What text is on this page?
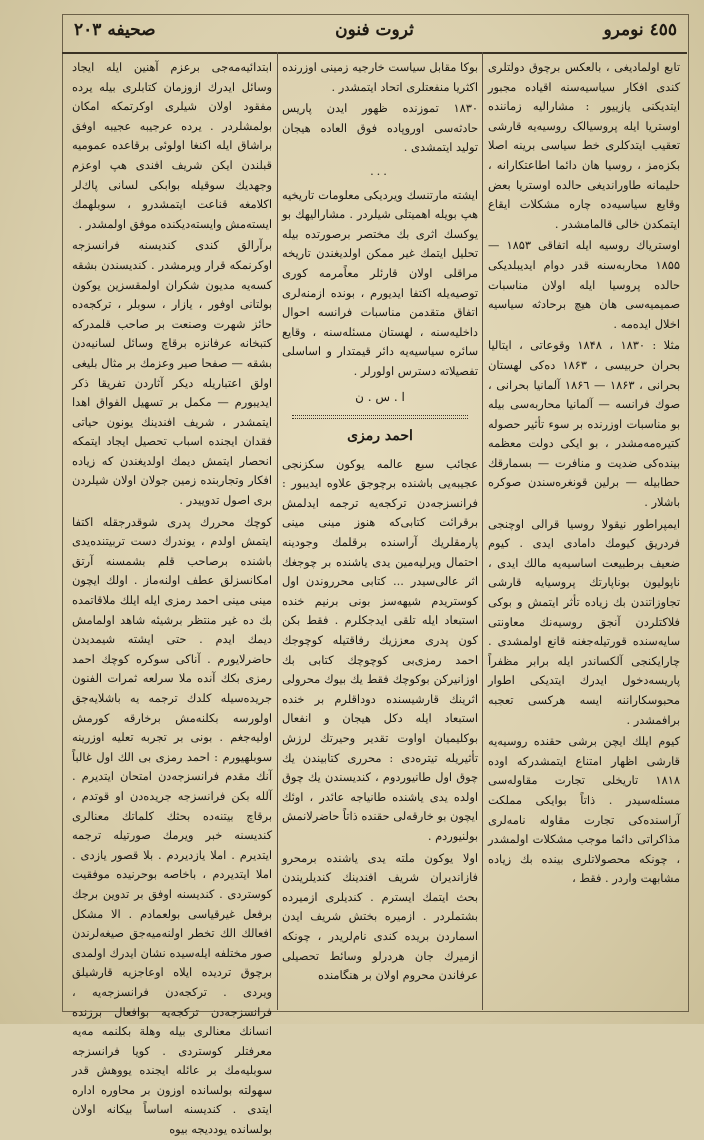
٤٥٥ نومرو
ثروت فنون
صحیفه ۲٠٣

تابع اولمادیغی ، بالعکس برچوق دولتلری کندی افکار سیاسیه‌سنه اقیاده مجبور ایتدیکنی یازییور : مشارالیه زماننده اوستریا ایله پروسیالک روسیه‌یه قارشی تعقیب ایتدکلری خط سیاسی برینه اصلا بکزه‌مز ، روسیا هان دائما اطاعتکارانه ، حلیمانه طاورانديغی حالده اوستریا بعض وقایع سیاسیه‌ده چاره مشکلات ایقاع ایتمکدن خالی قالمامشدر .

اوستریاك روسیه ایله اتفاقی ۱۸۵۳ — ۱۸۵۵ محاربه‌سنه قدر دوام ایدیبلدیکی حالده پروسیا ایله اولان مناسبات صمیمیه‌سی هان هیچ برحادثه سیاسیه اخلال ایدەمه .

مثلا : ۱۸۳۰ ، ۱۸۴۸ وقوعاتی ، ایتالیا بحران حربیسی ، ۱۸۶۳ ده‌کی لهستان بحرانی ، ۱۸۶۳ — ۱۸۶٦ آلمانیا بحرانی ، صوك فرانسه — آلمانیا محاربه‌سی بیله بو مناسبات اوزرنده بر سوء تأثیر حصوله کتیره‌مه‌مشدر ، بو ایکی دولت معظمه بینده‌کی ضدیت و منافرت — بسمارقك حطابیله — برلین قونغره‌سندن صوکره باشلار .

ایمپراطور نیقولا روسیا قرالی اوچنجی فردریق کیومك دامادی ایدی . کیوم ضعیف برطبیعت اساسیه‌یه مالك ایدی ، ناپولیون بوناپارتك پروسیایه قارشی تجاوزاتندن بك زیاده تأثر ایتمش و بوکی فلاکتلردن آنجق روسیه‌نك معاونتی سایه‌سنده قورتیله‌جغنه قانع اولمشدی . چارایکنجی آلکساندر ایله برابر مظفراً پاریسه‌دخول ایدرك ایتدیکی اطوار محبوسکاراننه ایسه هرکسی تعجبه برافمشدر .

کیوم ایلك ایچن برشی حقنده روسیه‌یه قارشی اظهار امتناع ایتمشدرکه اوده ۱۸۱۸ تاریخلی تجارت مقاوله‌سی مسئله‌سیدر . ذاتاً بوایکی مملکت آراسنده‌کی تجارت مقاوله نامه‌لری مذاکراتی دائما موجب مشکلات اولمشدر ، چونکه محصولاتلری بینده بك زیاده مشابهت واردر . فقط ،

بوکا مقابل سیاست خارجیه زمینی اوزرنده اکثریا منفعتلری اتحاد ایتمشدر .

۱۸۳٠ تموزنده ظهور ایدن پاریس حادثه‌سی اوروپاده فوق العاده هیجان تولید ایتمشدی .

...

ایشته مارتنسك ویردیکی معلومات تاریخیه هپ بویله اهمیتلی شیلردر . مشارالیهك بو یوکسك اثری بك مختصر برصورتده بیله تحلیل ایتمك غیر ممکن اولدیغندن تاریخه مراقلی اولان قارئلر معاًمرمە کوری توصیه‌یله اکتفا ایدیورم ، بونده ازمنه‌لری اتفاق متقدمن مناسبات فرانسه احوال داخلیه‌سنه ، لهستان مسئله‌سنه ، وقایع سائره سیاسیه‌یه دائر قیمتدار و اساسلی تفصیلاته دسترس اولورلر .

ا . س . ن
احمد رمزی

عجائب سبع عالمه یوکون سکزنجی عجیبه‌یی باشنده برچوجق علاوه ایدیبور : فرانسزجه‌دن ترکجه‌یه ترجمه ایدلمش برقرائت کتابی‌که هنوز مینی مینی پارمقلریك آراسنده برقلمك وجودینه احتمال ویرلیه‌مین یدی یاشنده بر چوجغك اثر عالی‌سیدر ... کتابی محرروندن اول کوستریدم شیهه‌سز بونی برنیم خنده استبعاد ایله تلقی ایدجکلرم . فقط بکن کون پدری معززیك رفاقتیله کوچوجك احمد رمزی‌بی کوچوچك کتابی بك اوزانیرکن بوکوچك فقط یك بیوك محرولی اثرینك قارشیسنده دوداقلرم بر خنده استبعاد ایله دکل هیجان و انفعال بوکلیمیان اواوت تقدیر وحیرتك لرزش تأثیریله تیتره‌دی : محرری کتابیندن یك چوق اول طانیوردوم ، کندیسندن یك چوق اولده یدی یاشنده طانیاجه عائدر ، اوئك ایچون بو خارقه‌لی حقنده ذاتاً حاضرلانمش بولنیوردم .

اولا یوکون ملته یدی یاشنده برمحرو فازاندیران شریف افندینك کندیلریندن بحث ایتمك ایسترم . کندیلری ازمیرده بشتملردر . ازمیره بختش شریف ایدن اسماردن بریده کندی نام‌لریدر ، چونکه ازمیرك جان هردرلو وسائط تحصیلی عرفاندن محروم اولان بر هنگامنده

ابتدائیه‌مه‌جی برعزم آهنین ایله ایجاد وسائل ایدرك ازوزمان کتابلری بیله یرده مفقود اولان شیلری اوکرتمکه امکان بولمشلردر . یرده عرجیبه عجیبه اوفق براشاق ایله اکنغا اولوئی برقاعده عمومیه قبلندن ایکن شریف افندی هپ اوعزم وجهدیك سوقیله بوابکی لسانی پاك‌لر اکلامغه قناعت ایتمشدرو ، سوبلهمك ایسته‌مش وایسته‌دیکنده موفق اولمشدر .

برآرالق کندی کندیسنه فرانسزجه اوکرنمکه قرار ویرمشدر . کندیسندن بشقه کسه‌یه مدیون شکران اولمقسزین یوکون بولتانی اوفور ، یازار ، سوبلر ، ترکجه‌ده حائز شهرت وصنعت بر صاحب قلمدرکه کتبخانه عرفانزه برقاچ وسائل لسانیه‌دن بشقه — صفحا صیر وعزمك بر مثال بلیغی اولق اعتباریله دیکر آثاردن تفریقا ذکر ایدیبورم — مکمل بر تسهیل الفواق اهدا ایتمشدر ، شریف افندینك یونون حیاتی فقدان ایجنده اسباب تحصیل ایجاد ایتمکه انحصار ایتمش دیمك اولدیغندن که زیاده افکار وتجاربنده زمین جولان اولان شیلردن بری اصول تدوییدر .

کوچك محررك پدری شوقدرجقله اکتفا ایتمش اولدم ، یوندرك دست تربیتنده‌یدی باشنده برصاحب قلم بشمسنه آرتق امکانسزلق عطف اولنه‌ماز . اولك ایچون مینی مینی احمد رمزی ایله ایلك ملاقاتمده بك ده غیر منتظر برشیئه شاهد اولمامش دیمك ایدم . حتی ایشته شیمدیدن حاضرلایورم . آناکی سوکره کوچك احمد رمزی بكك آنده ملا سرلعه ثمرات الفنون جریده‌سیله کلدك ترجمه یه باشلایه‌جق اولورسه بکلنه‌مش برخارقه کورمش اولیه‌جغم . بونی بر تجربه تعلیه اوزرینه سوبلهیورم : احمد رمزی بی الك اول غالباً آنك مقدم فرانسزجه‌دن امتحان ایتدیرم . آلله بکن فرانسزجه جریده‌دن او قوتدم ، برقاچ بیتنه‌ده بحثك کلماتك معنالری کندیسنه خبر ویرمك صورتیله ترجمه ایتدیرم . املا یازدیردم . بلا قصور یازدی . املا ایتدیردم ، باخاصه بوحرنیده موفقیت کوستردی . کندیسنه اوفق بر تدوین برجك برفعل غیرقیاسی بولعمادم . الا مشکل افعالك الك تخطر اولنه‌میه‌جق صیغه‌لرندن صور مختلفه ایله‌سیده نشان ایدرك اولمدی برچوق تردیده ایلاه اوعاجزیه قارشیلق ویردی . ترکجه‌دن فرانسزجه‌یه ، فرانسزجه‌دن ترکجه‌یه بوافعال برزنده انسانك معنالری بیله وهلة بکلنمه مه‌یه معرفتلر کوستردی . کویا فرانسزجه سوبلیه‌مك بر عائله ایجنده یووهش قدر سهولته بولسانده اوزون بر محاوره اداره ایتدی . کندیسنه اساساً بیکانه اولان بولسانده یوددیجه بیوه
